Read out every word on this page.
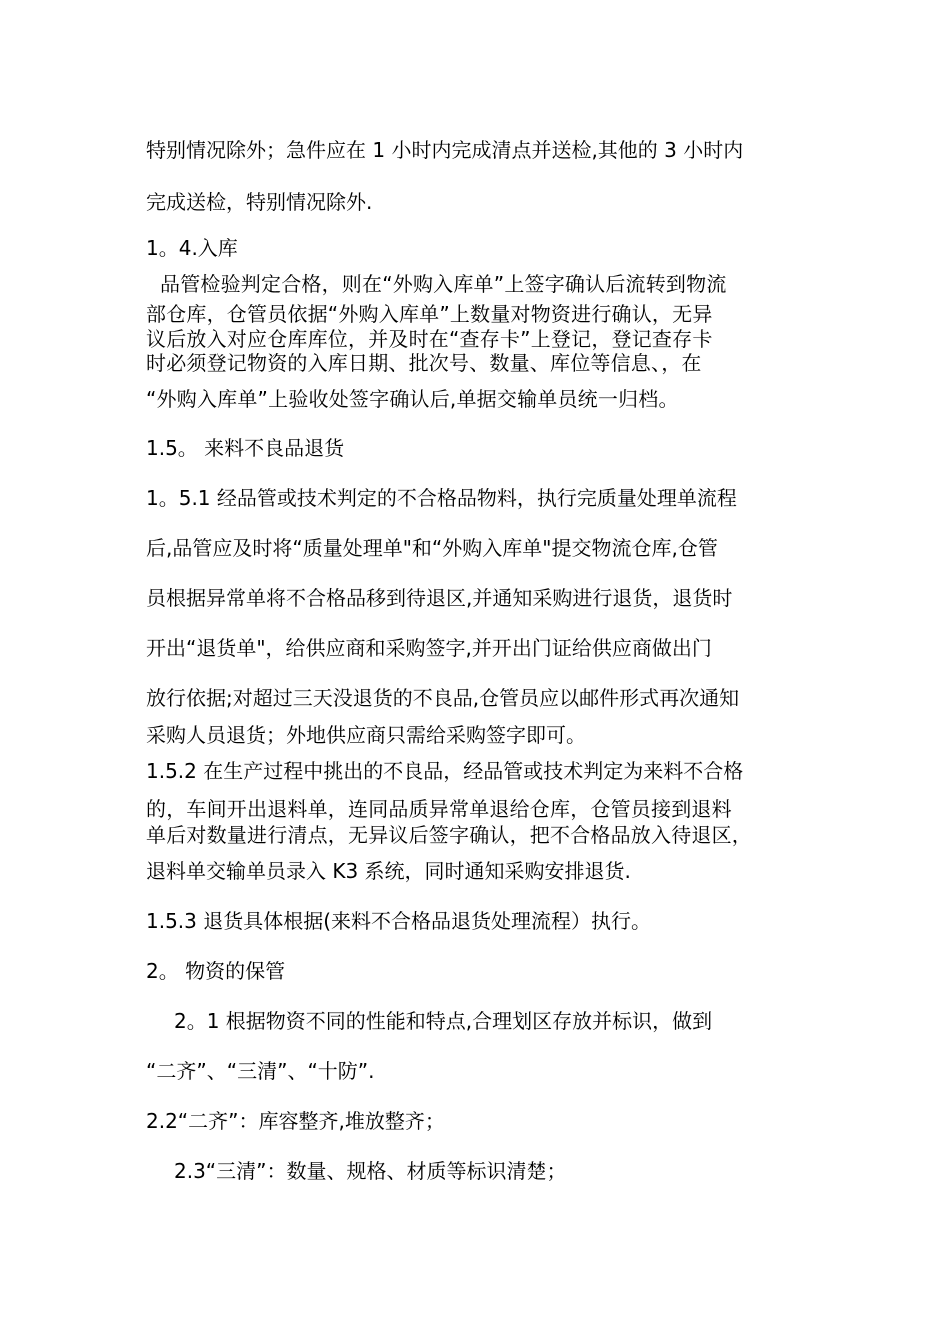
特别情况除外；急件应在 1 小时内完成清点并送检,其他的 3 小时内
完成送检，特别情况除外.
1。4.入库
品管检验判定合格，则在“外购入库单”上签字确认后流转到物流
部仓库，仓管员依据“外购入库单”上数量对物资进行确认，无异
议后放入对应仓库库位，并及时在“查存卡”上登记，登记查存卡
时必须登记物资的入库日期、批次号、数量、库位等信息、，在
“外购入库单”上验收处签字确认后,单据交输单员统一归档。
1.5。 来料不良品退货
1。5.1 经品管或技术判定的不合格品物料，执行完质量处理单流程
后,品管应及时将“质量处理单"和“外购入库单"提交物流仓库,仓管
员根据异常单将不合格品移到待退区,并通知采购进行退货，退货时
开出“退货单"，给供应商和采购签字,并开出门证给供应商做出门
放行依据;对超过三天没退货的不良品,仓管员应以邮件形式再次通知
采购人员退货；外地供应商只需给采购签字即可。
1.5.2 在生产过程中挑出的不良品，经品管或技术判定为来料不合格
的，车间开出退料单，连同品质异常单退给仓库，仓管员接到退料
单后对数量进行清点，无异议后签字确认，把不合格品放入待退区，
退料单交输单员录入 K3 系统，同时通知采购安排退货.
1.5.3 退货具体根据(来料不合格品退货处理流程）执行。
2。 物资的保管
2。1 根据物资不同的性能和特点,合理划区存放并标识，做到
“二齐”、“三清”、“十防”.
2.2“二齐”：库容整齐,堆放整齐；
2.3“三清”：数量、规格、材质等标识清楚；
